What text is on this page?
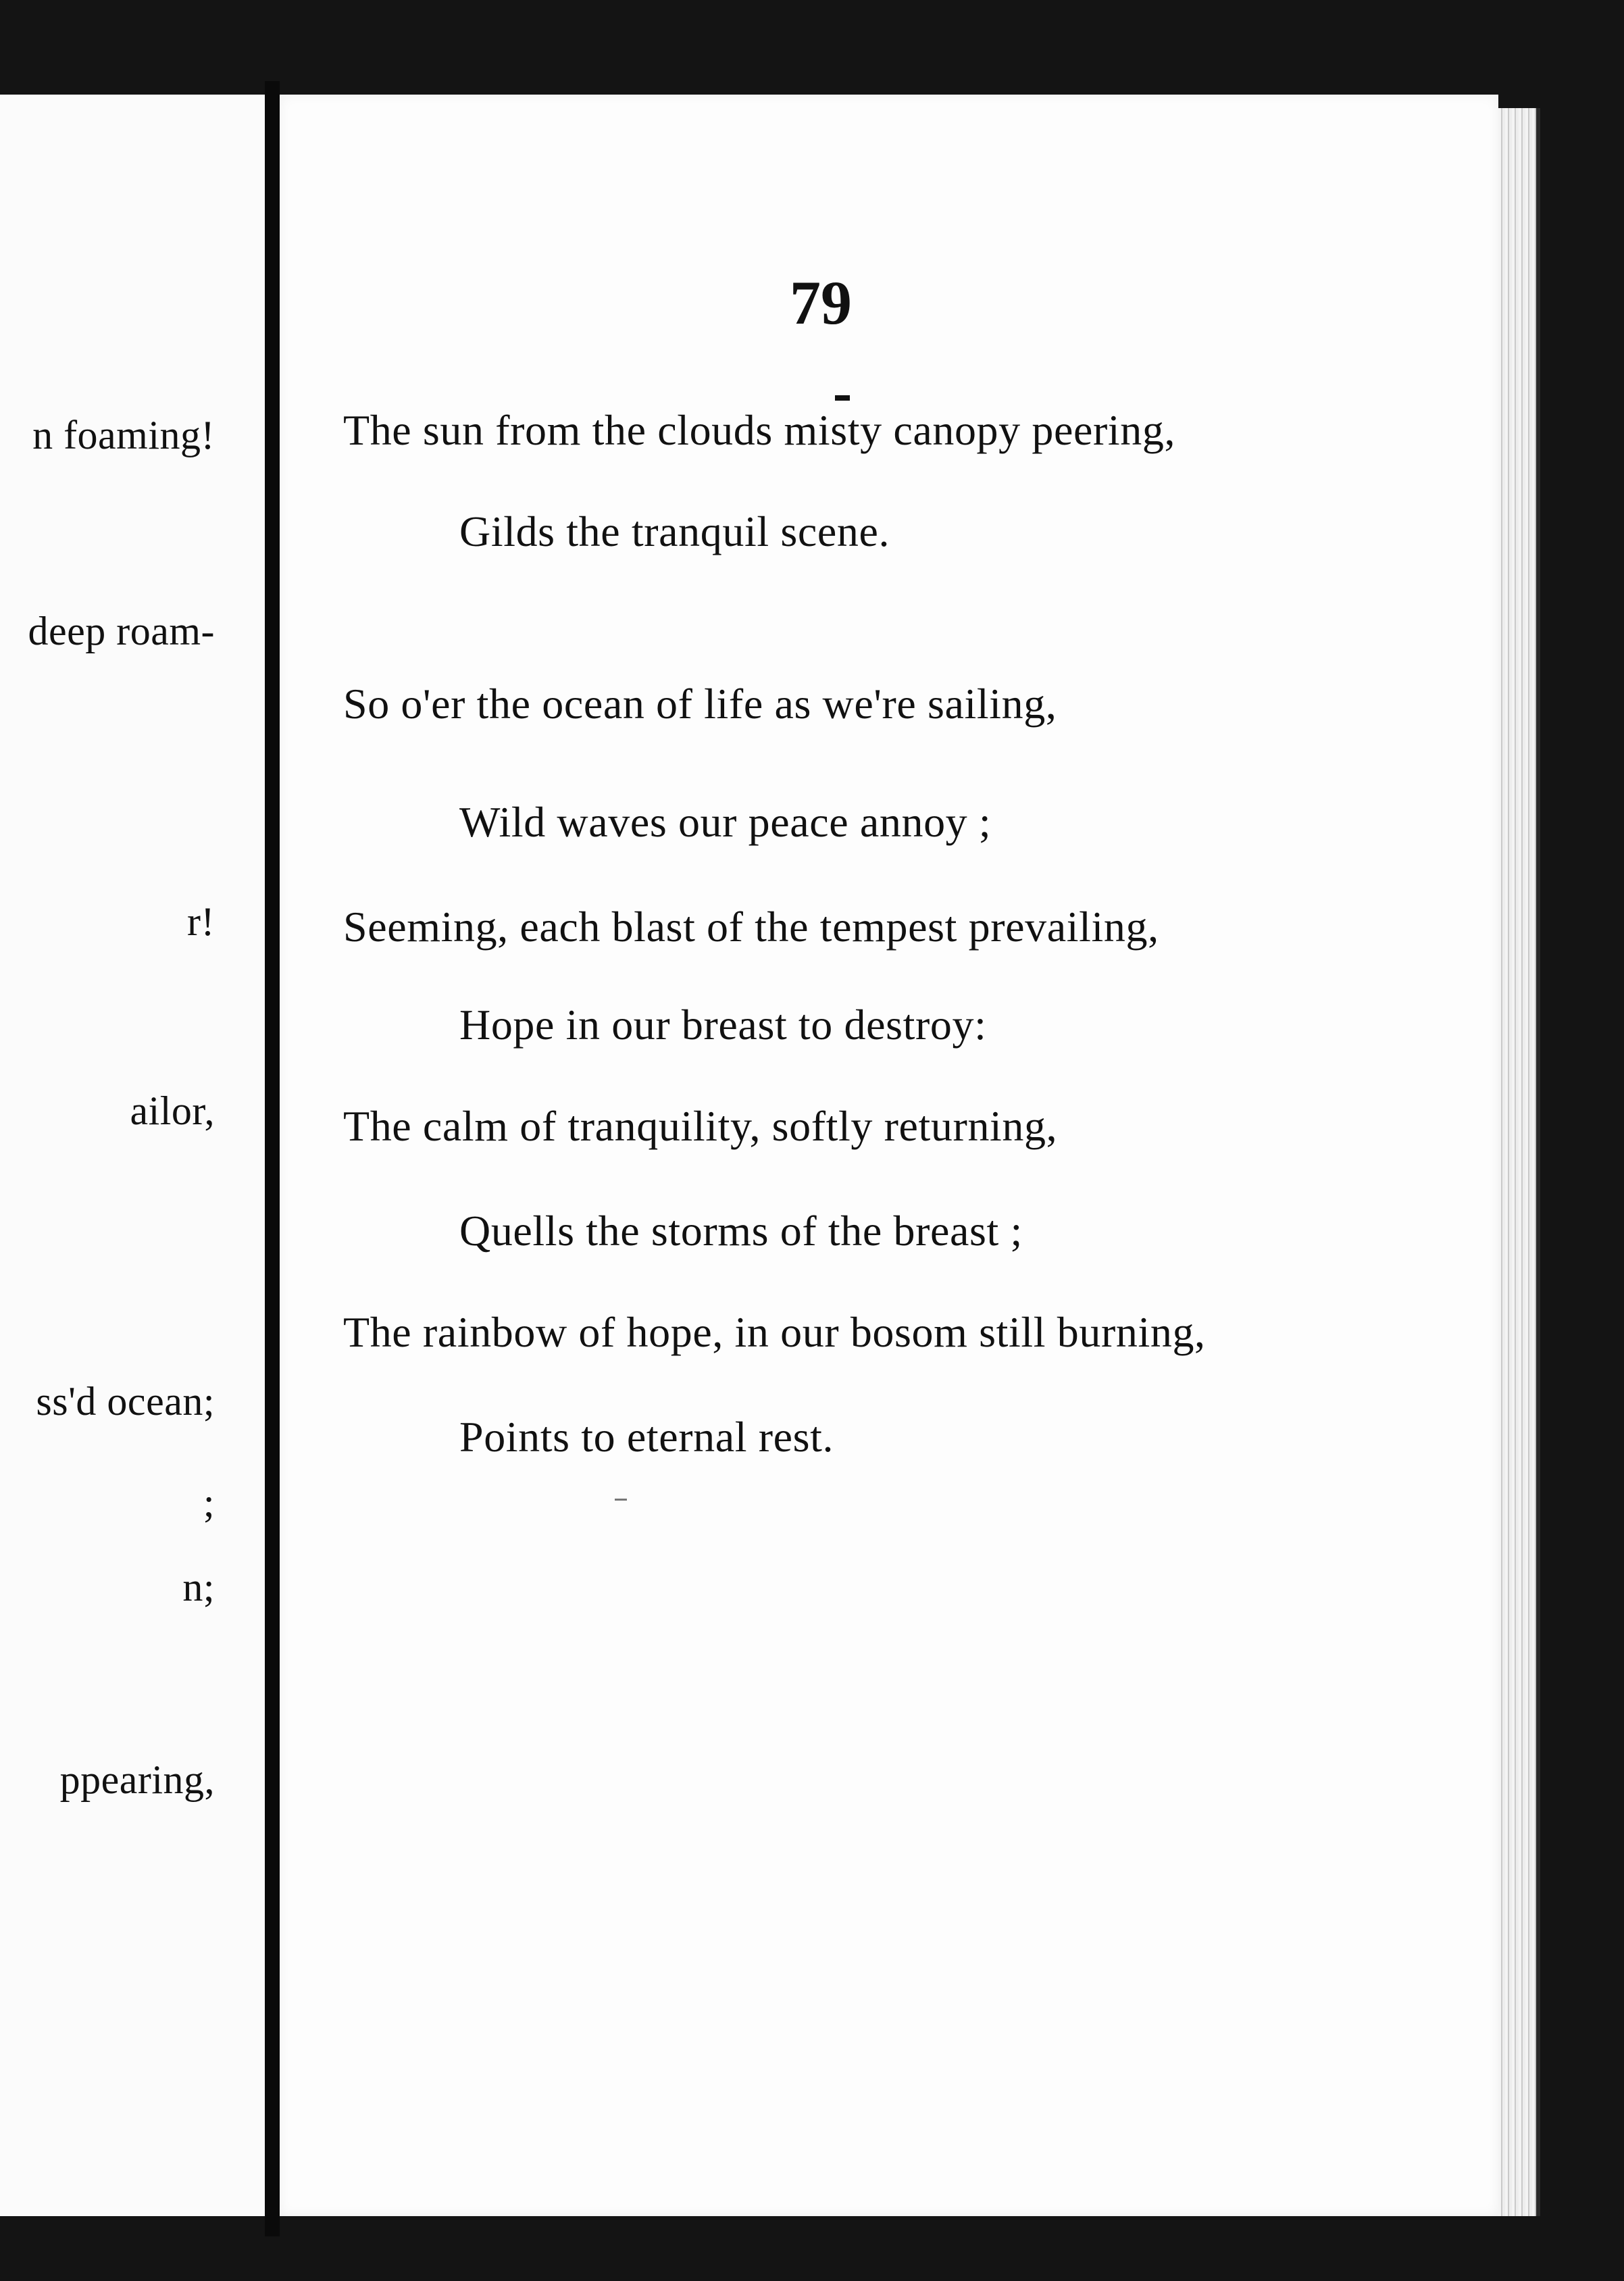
n foaming!
deep roam-
r!
ailor,
ss'd ocean;
;
n;
ppearing,
79
The sun from the clouds misty canopy peering,
Gilds the tranquil scene.
So o'er the ocean of life as we're sailing,
Wild waves our peace annoy ;
Seeming, each blast of the tempest prevailing,
Hope in our breast to destroy:
The calm of tranquility, softly returning,
Quells the storms of the breast ;
The rainbow of hope, in our bosom still burning,
Points to eternal rest.
